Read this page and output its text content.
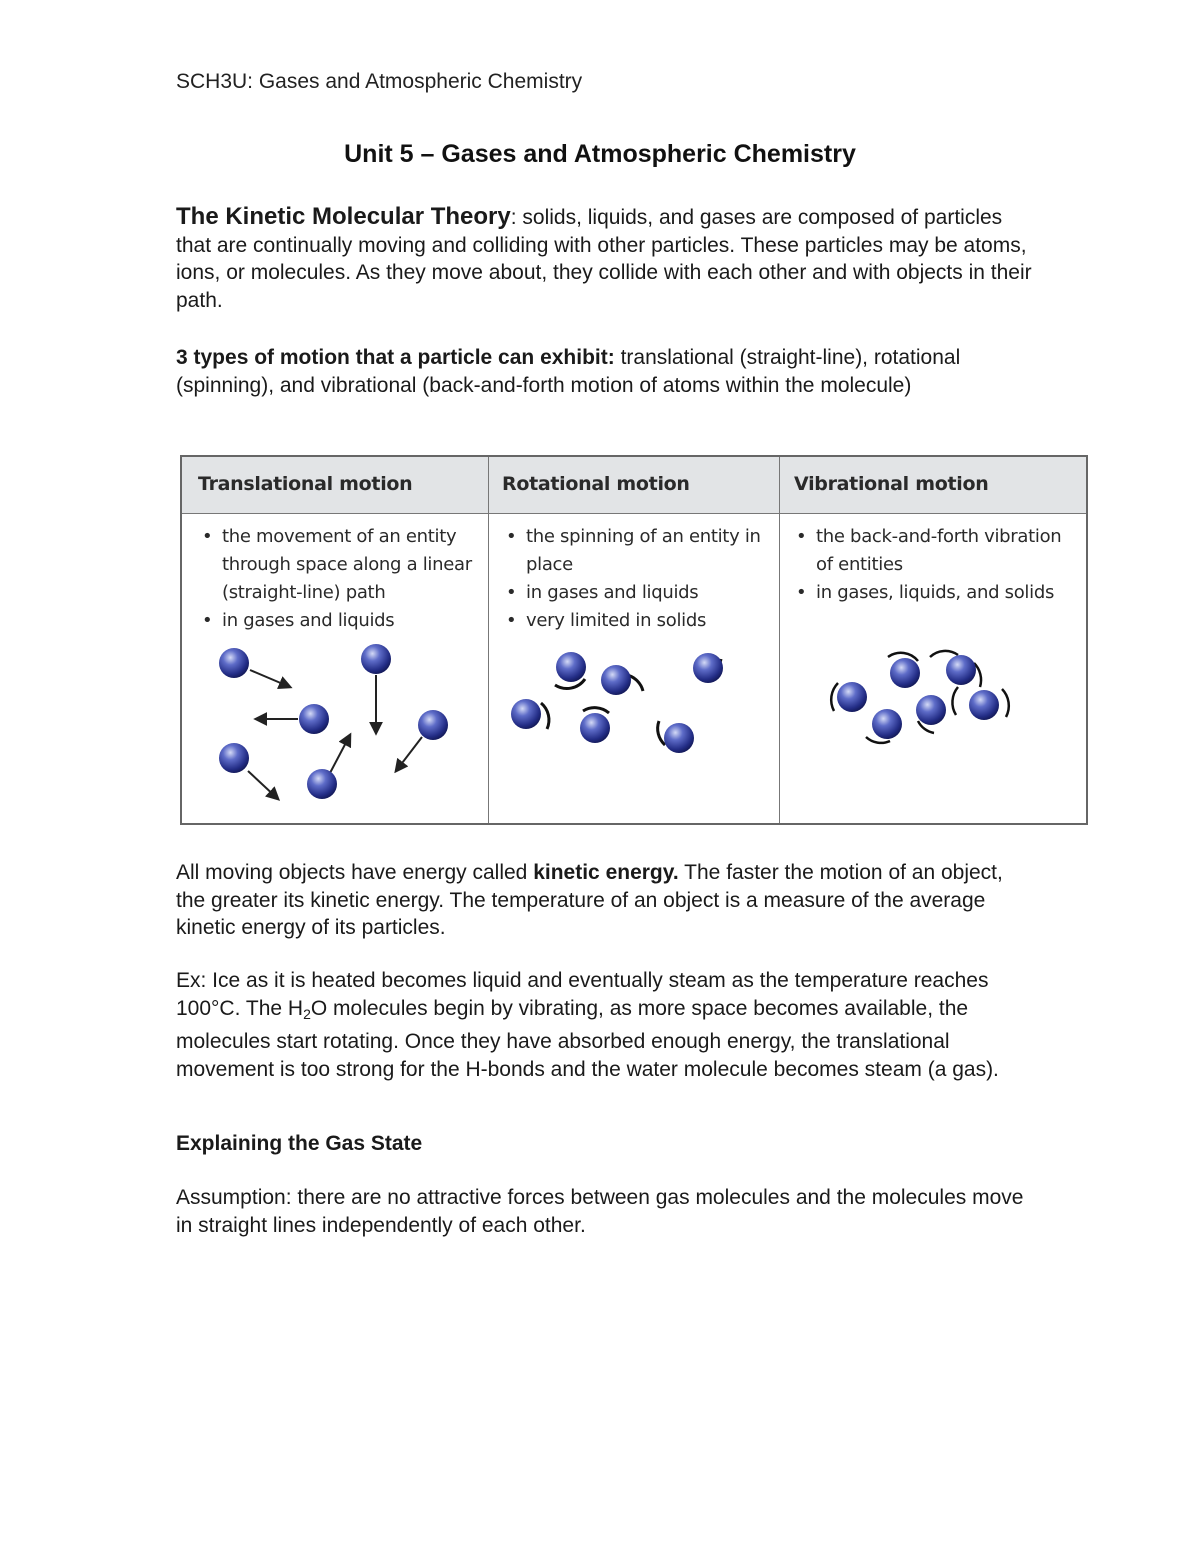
SCH3U: Gases and Atmospheric Chemistry
Unit 5 – Gases and Atmospheric Chemistry

The Kinetic Molecular Theory: solids, liquids, and gases are composed of particles that are continually moving and colliding with other particles. These particles may be atoms, ions, or molecules. As they move about, they collide with each other and with objects in their path.

3 types of motion that a particle can exhibit: translational (straight-line), rotational (spinning), and vibrational (back-and-forth motion of atoms within the molecule)

Translational motion	Rotational motion	Vibrational motion
• the movement of an entity through space along a linear (straight-line) path
• in gases and liquids
• the spinning of an entity in place
• in gases and liquids
• very limited in solids
• the back-and-forth vibration of entities
• in gases, liquids, and solids

All moving objects have energy called kinetic energy. The faster the motion of an object, the greater its kinetic energy. The temperature of an object is a measure of the average kinetic energy of its particles.

Ex: Ice as it is heated becomes liquid and eventually steam as the temperature reaches 100°C. The $H_2O$ molecules begin by vibrating, as more space becomes available, the molecules start rotating. Once they have absorbed enough energy, the translational movement is too strong for the H-bonds and the water molecule becomes steam (a gas).

Explaining the Gas State

Assumption: there are no attractive forces between gas molecules and the molecules move in straight lines independently of each other.
